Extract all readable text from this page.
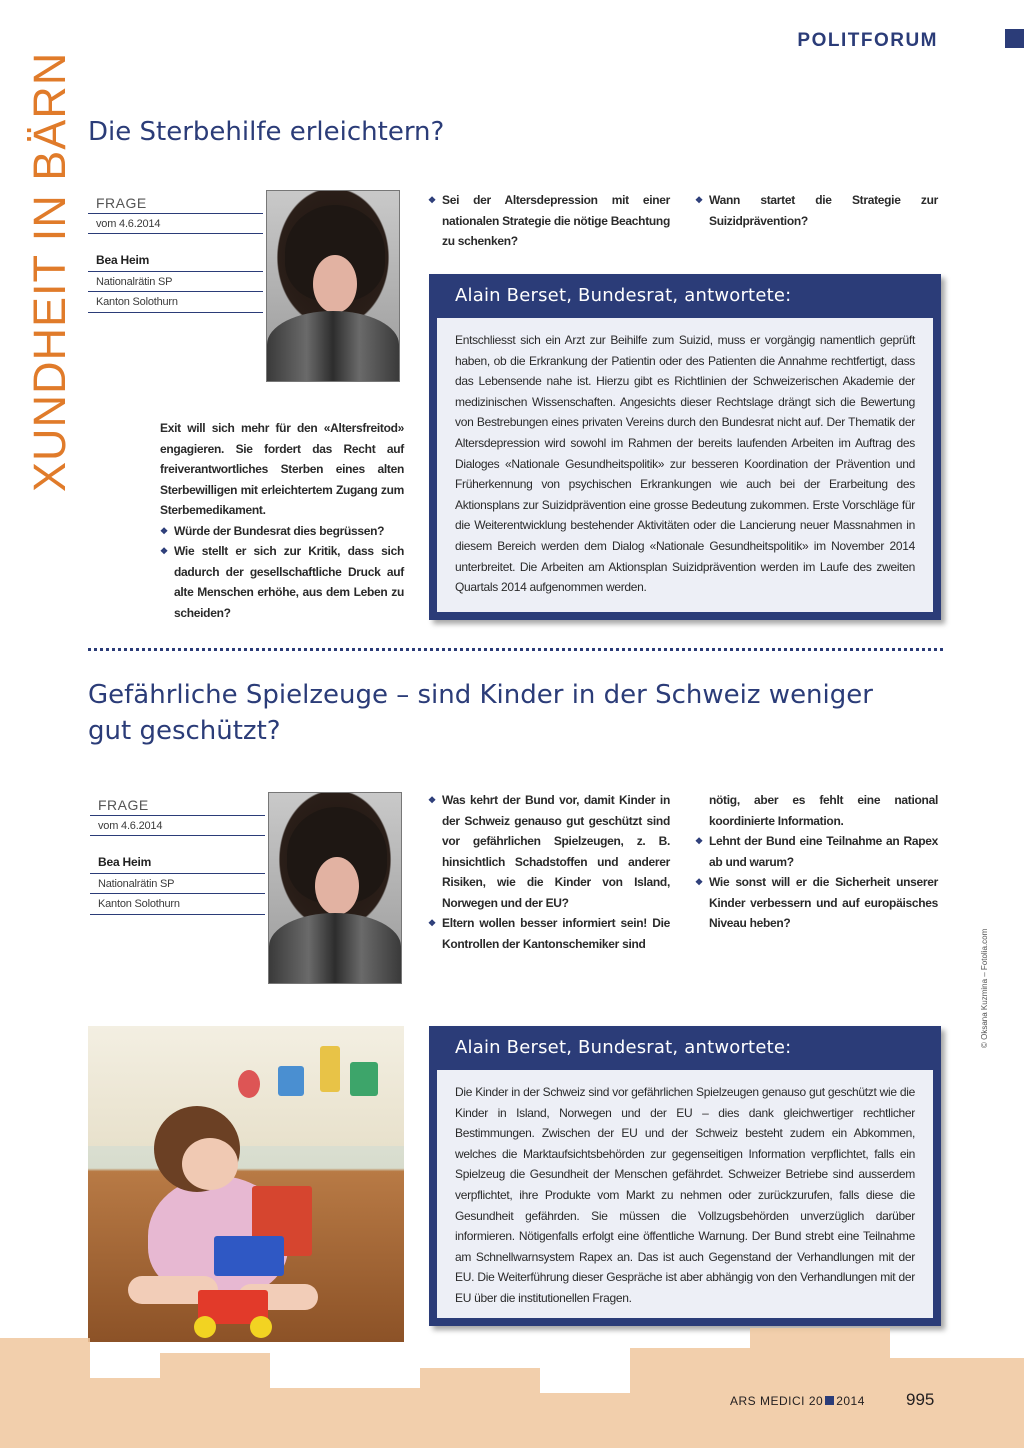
POLITFORUM
XUNDHEIT IN BÄRN Die Sterbehilfe erleichtern?
FRAGE
vom 4.6.2014
Bea Heim
Nationalrätin SP
Kanton Solothurn

Exit will sich mehr für den «Altersfreitod» engagieren. Sie fordert das Recht auf freiverantwortliches Sterben eines alten Sterbewilligen mit erleichtertem Zugang zum Sterbemedikament.

❖ Würde der Bundesrat dies begrüssen?
❖ Wie stellt er sich zur Kritik, dass sich dadurch der gesellschaftliche Druck auf alte Menschen erhöhe, aus dem Leben zu scheiden?
❖ Sei der Altersdepression mit einer nationalen Strategie die nötige Beachtung zu schenken?
❖ Wann startet die Strategie zur Suizidprävention?
Alain Berset, Bundesrat, antwortete:
Entschliesst sich ein Arzt zur Beihilfe zum Suizid, muss er vorgängig namentlich geprüft haben, ob die Erkrankung der Patientin oder des Patienten die Annahme rechtfertigt, dass das Lebensende nahe ist. Hierzu gibt es Richtlinien der Schweizerischen Akademie der medizinischen Wissenschaften. Angesichts dieser Rechtslage drängt sich die Bewertung von Bestrebungen eines privaten Vereins durch den Bundesrat nicht auf. Der Thematik der Altersdepression wird sowohl im Rahmen der bereits laufenden Arbeiten im Auftrag des Dialoges «Nationale Gesundheitspolitik» zur besseren Koordination der Prävention und Früherkennung von psychischen Erkrankungen wie auch bei der Erarbeitung des Aktionsplans zur Suizidprävention eine grosse Bedeutung zukommen. Erste Vorschläge für die Weiterentwicklung bestehender Aktivitäten oder die Lancierung neuer Massnahmen in diesem Bereich werden dem Dialog «Nationale Gesundheitspolitik» im November 2014 unterbreitet. Die Arbeiten am Aktionsplan Suizidprävention werden im Laufe des zweiten Quartals 2014 aufgenommen werden.
Gefährliche Spielzeuge – sind Kinder in der Schweiz weniger
gut geschützt?
FRAGE
vom 4.6.2014
Bea Heim
Nationalrätin SP
Kanton Solothurn
❖ Was kehrt der Bund vor, damit Kinder in der Schweiz genauso gut geschützt sind vor gefährlichen Spielzeugen, z. B. hinsichtlich Schadstoffen und anderer Risiken, wie die Kinder von Island, Norwegen und der EU?
❖ Eltern wollen besser informiert sein! Die Kontrollen der Kantonschemiker sind

nötig, aber es fehlt eine national koordinierte Information.

❖ Lehnt der Bund eine Teilnahme an Rapex ab und warum?
❖ Wie sonst will er die Sicherheit unserer Kinder verbessern und auf europäisches Niveau heben?
© Oksana Kuzmina – Fotolia.com
Alain Berset, Bundesrat, antwortete:
Die Kinder in der Schweiz sind vor gefährlichen Spielzeugen genauso gut geschützt wie die Kinder in Island, Norwegen und der EU – dies dank gleichwertiger rechtlicher Bestimmungen. Zwischen der EU und der Schweiz besteht zudem ein Abkommen, welches die Marktaufsichtsbehörden zur gegenseitigen Information verpflichtet, falls ein Spielzeug die Gesundheit der Menschen gefährdet. Schweizer Betriebe sind ausserdem verpflichtet, ihre Produkte vom Markt zu nehmen oder zurückzurufen, falls diese die Gesundheit gefährden. Sie müssen die Vollzugsbehörden unverzüglich darüber informieren. Nötigenfalls erfolgt eine öffentliche Warnung. Der Bund strebt eine Teilnahme am Schnellwarnsystem Rapex an. Das ist auch Gegenstand der Verhandlungen mit der EU. Die Weiterführung dieser Gespräche ist aber abhängig von den Verhandlungen mit der EU über die institutionellen Fragen.
ARS MEDICI 20 2014 995
